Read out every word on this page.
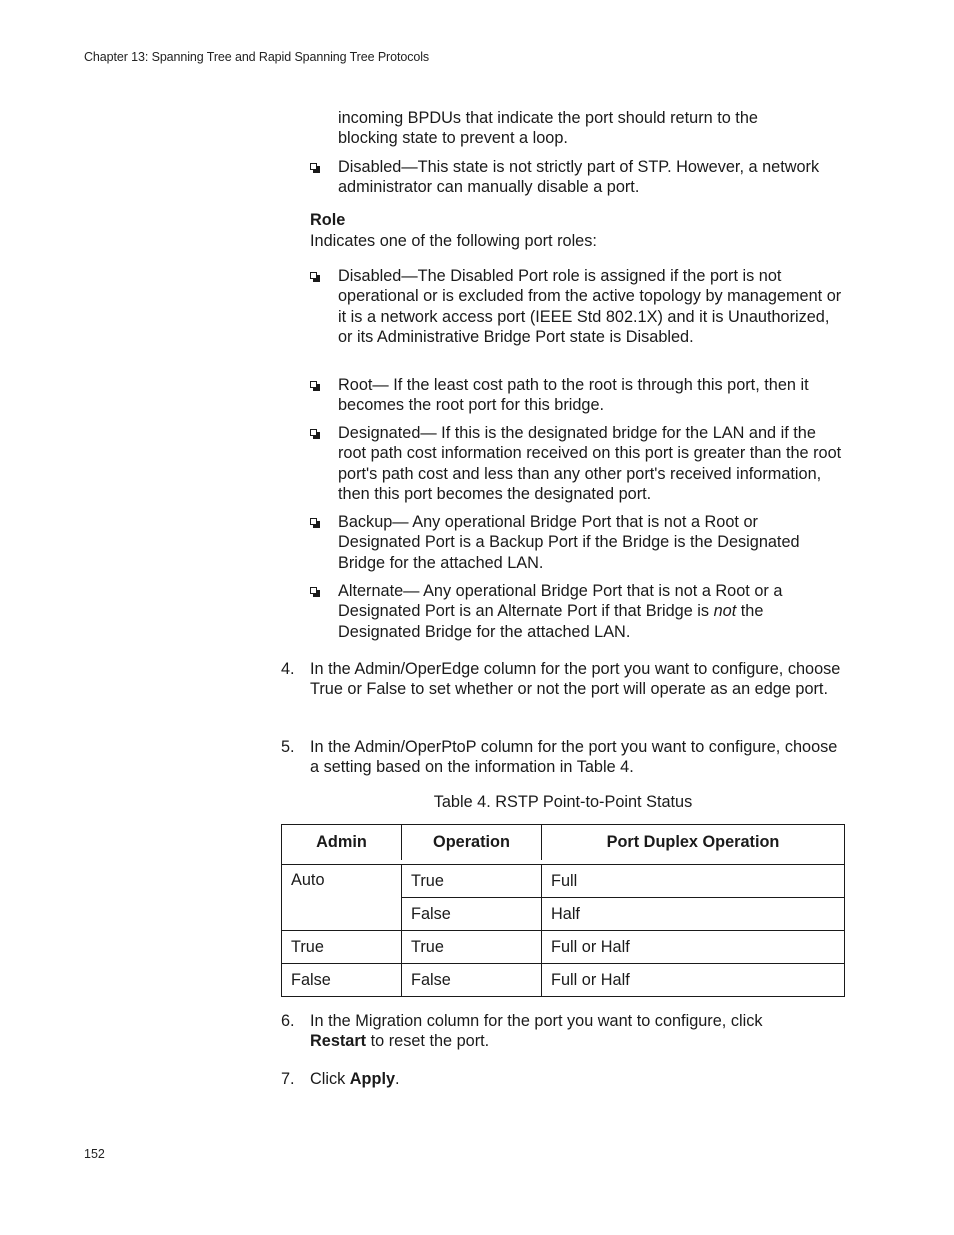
Chapter 13: Spanning Tree and Rapid Spanning Tree Protocols
incoming BPDUs that indicate the port should return to the blocking state to prevent a loop.
Disabled—This state is not strictly part of STP. However, a network administrator can manually disable a port.
Role
Indicates one of the following port roles:
Disabled—The Disabled Port role is assigned if the port is not operational or is excluded from the active topology by management or it is a network access port (IEEE Std 802.1X) and it is Unauthorized, or its Administrative Bridge Port state is Disabled.
Root— If the least cost path to the root is through this port, then it becomes the root port for this bridge.
Designated— If this is the designated bridge for the LAN and if the root path cost information received on this port is greater than the root port's path cost and less than any other port's received information, then this port becomes the designated port.
Backup— Any operational Bridge Port that is not a Root or Designated Port is a Backup Port if the Bridge is the Designated Bridge for the attached LAN.
Alternate— Any operational Bridge Port that is not a Root or a Designated Port is an Alternate Port if that Bridge is not the Designated Bridge for the attached LAN.
4. In the Admin/OperEdge column for the port you want to configure, choose True or False to set whether or not the port will operate as an edge port.
5. In the Admin/OperPtoP column for the port you want to configure, choose a setting based on the information in Table 4.
Table 4. RSTP Point-to-Point Status
Admin	Operation	Port Duplex Operation

Auto	True	Full
	False	Half
True	True	Full or Half
False	False	Full or Half
6. In the Migration column for the port you want to configure, click Restart to reset the port.
7. Click Apply.
152
